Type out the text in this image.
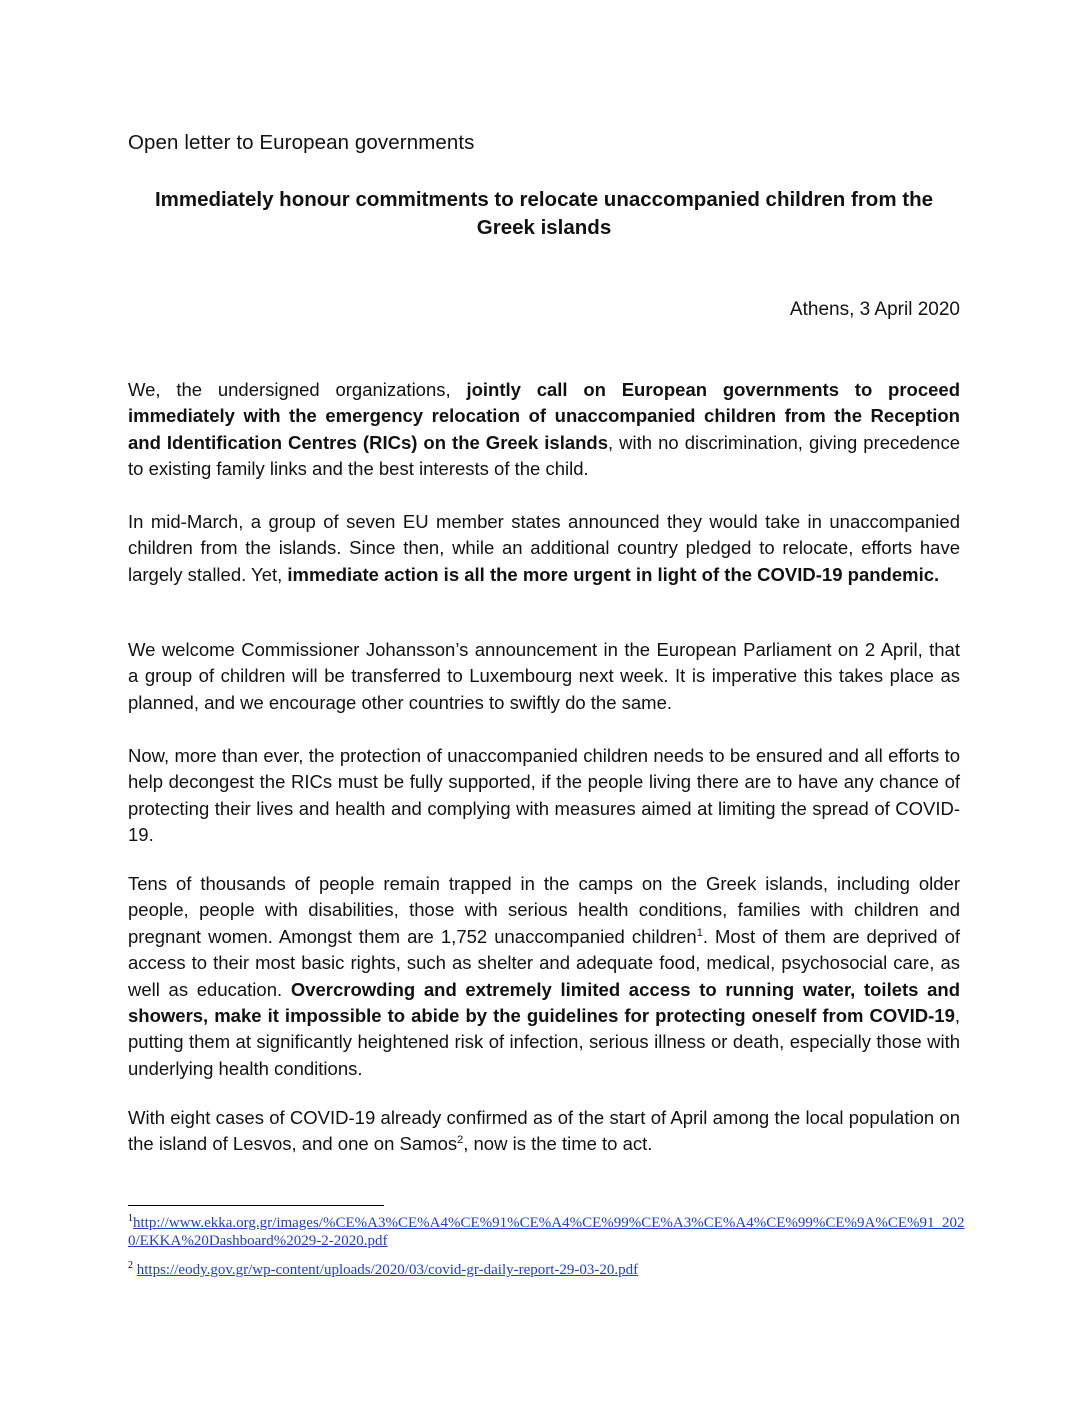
Open letter to European governments
Immediately honour commitments to relocate unaccompanied children from the Greek islands
Athens, 3 April 2020

We, the undersigned organizations, jointly call on European governments to proceed immediately with the emergency relocation of unaccompanied children from the Reception and Identification Centres (RICs) on the Greek islands, with no discrimination, giving precedence to existing family links and the best interests of the child.

In mid-March, a group of seven EU member states announced they would take in unaccompanied children from the islands. Since then, while an additional country pledged to relocate, efforts have largely stalled. Yet, immediate action is all the more urgent in light of the COVID-19 pandemic.

We welcome Commissioner Johansson’s announcement in the European Parliament on 2 April, that a group of children will be transferred to Luxembourg next week. It is imperative this takes place as planned, and we encourage other countries to swiftly do the same.

Now, more than ever, the protection of unaccompanied children needs to be ensured and all efforts to help decongest the RICs must be fully supported, if the people living there are to have any chance of protecting their lives and health and complying with measures aimed at limiting the spread of COVID-19.

Tens of thousands of people remain trapped in the camps on the Greek islands, including older people, people with disabilities, those with serious health conditions, families with children and pregnant women. Amongst them are 1,752 unaccompanied children$^1$. Most of them are deprived of access to their most basic rights, such as shelter and adequate food, medical, psychosocial care, as well as education. Overcrowding and extremely limited access to running water, toilets and showers, make it impossible to abide by the guidelines for protecting oneself from COVID-19, putting them at significantly heightened risk of infection, serious illness or death, especially those with underlying health conditions.

With eight cases of COVID-19 already confirmed as of the start of April among the local population on the island of Lesvos, and one on Samos$^2$, now is the time to act.

$^1$http://www.ekka.org.gr/images/%CE%A3%CE%A4%CE%91%CE%A4%CE%99%CE%A3%CE%A4%CE%99%CE%9A%CE%91_2020/EKKA%20Dashboard%2029-2-2020.pdf
$^2$ https://eody.gov.gr/wp-content/uploads/2020/03/covid-gr-daily-report-29-03-20.pdf
